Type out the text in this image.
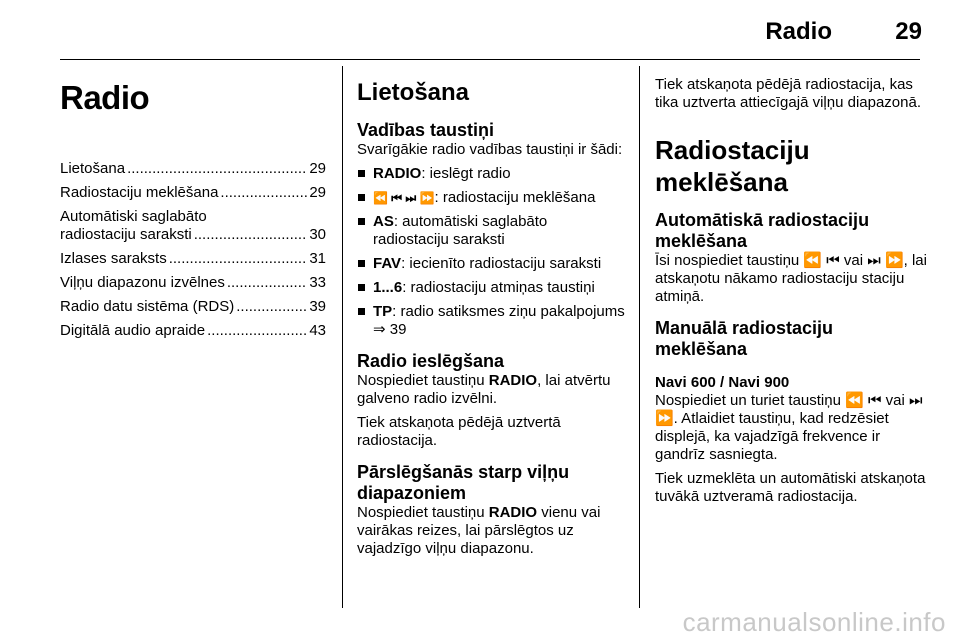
Radio	29
Radio
Lietošana .....	29
Radiostaciju meklēšana .....	29
Automātiski saglabāto
radiostaciju saraksti .....	30
Izlases saraksts .....	31
Viļņu diapazonu izvēlnes .....	33
Radio datu sistēma (RDS) .....	39
Digitālā audio apraide .....	43
Lietošana
Vadības taustiņi

Svarīgākie radio vadības taustiņi ir šādi:

RADIO: ieslēgt radio
⏪ ⏮ ⏭ ⏩: radiostaciju meklēšana
AS: automātiski saglabāto radiostaciju saraksti
FAV: iecienīto radiostaciju saraksti
1...6: radiostaciju atmiņas taustiņi
TP: radio satiksmes ziņu pakalpojums ⇒ 39
Radio ieslēgšana

Nospiediet taustiņu RADIO, lai atvērtu galveno radio izvēlni.

Tiek atskaņota pēdējā uztvertā radiostacija.

Pārslēgšanās starp viļņu diapazoniem

Nospiediet taustiņu RADIO vienu vai vairākas reizes, lai pārslēgtos uz vajadzīgo viļņu diapazonu.

Tiek atskaņota pēdējā radiostacija, kas tika uztverta attiecīgajā viļņu diapazonā.

Radiostaciju meklēšana
Automātiskā radiostaciju meklēšana

Īsi nospiediet taustiņu ⏪ ⏮ vai ⏭ ⏩, lai atskaņotu nākamo radiostaciju staciju atmiņā.

Manuālā radiostaciju meklēšana
Navi 600 / Navi 900

Nospiediet un turiet taustiņu ⏪ ⏮ vai ⏭ ⏩. Atlaidiet taustiņu, kad redzēsiet displejā, ka vajadzīgā frekvence ir gandrīz sasniegta.

Tiek uzmeklēta un automātiski atskaņota tuvākā uztveramā radiostacija.

carmanualsonline.info
